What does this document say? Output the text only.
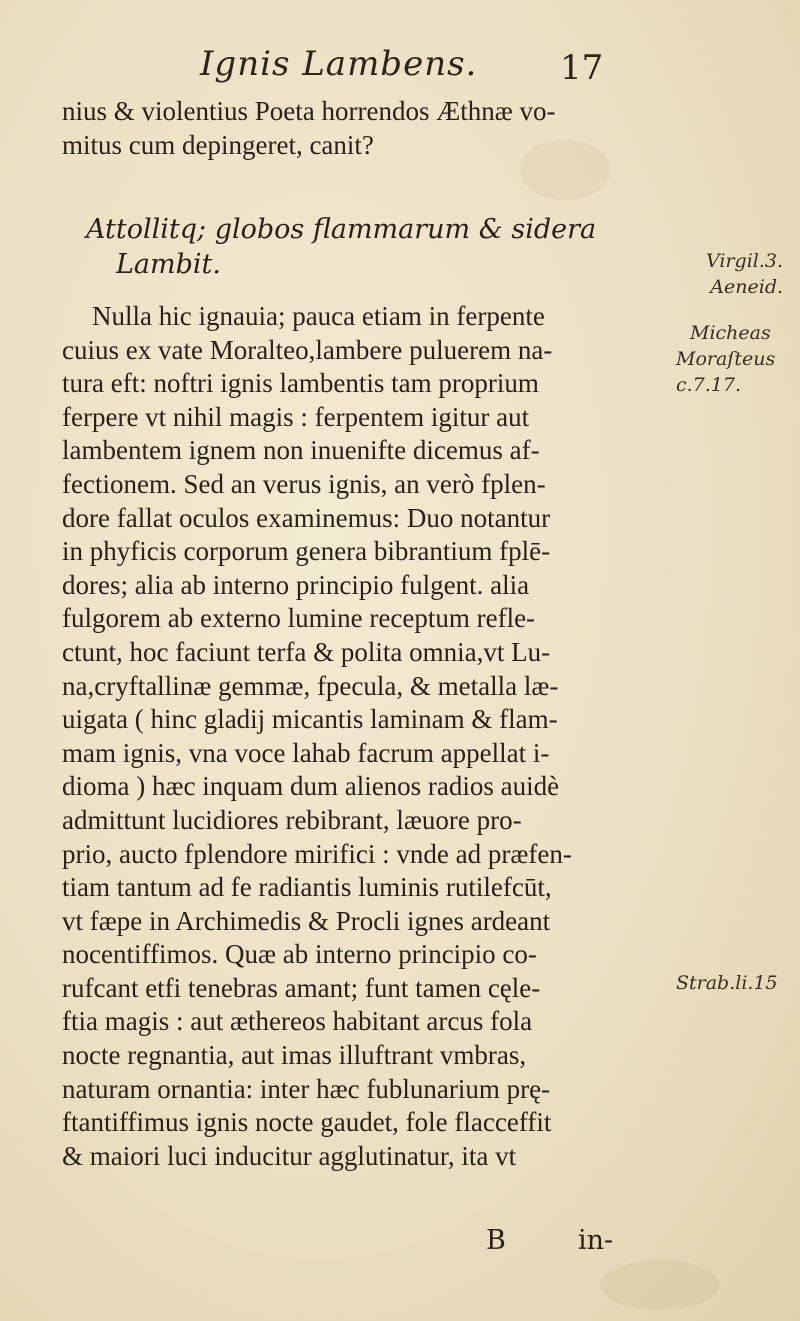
Ignis Lambens. 17
nius & violentius Poeta horrendos Æthnæ vo-
mitus cum depingeret, canit?
Attollitq; globos flammarum & sidera
Lambit.	Virgil.3.
Aeneid.
Nulla hic ignauia; pauca etiam in ferpente
cuius ex vate Moralteo,lambere puluerem na-
tura eft: noftri ignis lambentis tam proprium
ferpere vt nihil magis : ferpentem igitur aut
lambentem ignem non inuenifte dicemus af-
fectionem. Sed an verus ignis, an verò fplen-
dore fallat oculos examinemus: Duo notantur
in phyficis corporum genera bibrantium fplē-
dores; alia ab interno principio fulgent. alia
fulgorem ab externo lumine receptum refle-
ctunt, hoc faciunt terfa & polita omnia,vt Lu-
na,cryftallinæ gemmæ, fpecula, & metalla læ-
uigata ( hinc gladij micantis laminam & flam-
mam ignis, vna voce lahab facrum appellat i-
dioma ) hæc inquam dum alienos radios auidè
admittunt lucidiores rebibrant, læuore pro-
prio, aucto fplendore mirifici : vnde ad præfen-
tiam tantum ad fe radiantis luminis rutilefcūt,
vt fæpe in Archimedis & Procli ignes ardeant
nocentiffimos. Quæ ab interno principio co-
rufcant etfi tenebras amant; funt tamen cęle-
ftia magis : aut æthereos habitant arcus fola
nocte regnantia, aut imas illuftrant vmbras,
naturam ornantia: inter hæc fublunarium prę-
ftantiffimus ignis nocte gaudet, fole flacceffit
& maiori luci inducitur agglutinatur, ita vt
Micheas
Moraſteus
c.7.17.
Strab.li.15
B	in-
